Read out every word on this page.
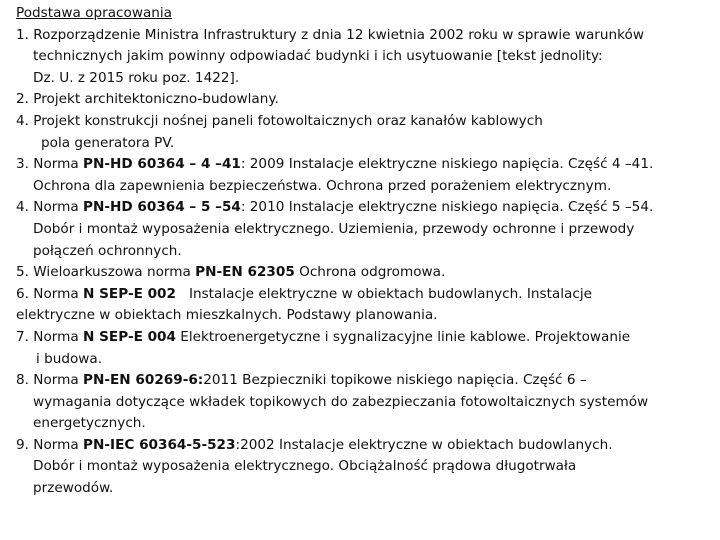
Podstawa opracowania
1. Rozporządzenie Ministra Infrastruktury z dnia 12 kwietnia 2002 roku w sprawie warunków
technicznych jakim powinny odpowiadać budynki i ich usytuowanie [tekst jednolity:
Dz. U. z 2015 roku poz. 1422].
2. Projekt architektoniczno-budowlany.
4. Projekt konstrukcji nośnej paneli fotowoltaicznych oraz kanałów kablowych
pola generatora PV.
3. Norma PN-HD 60364 – 4 –41: 2009 Instalacje elektryczne niskiego napięcia. Część 4 –41.
Ochrona dla zapewnienia bezpieczeństwa. Ochrona przed porażeniem elektrycznym.
4. Norma PN-HD 60364 – 5 –54: 2010 Instalacje elektryczne niskiego napięcia. Część 5 –54.
Dobór i montaż wyposażenia elektrycznego. Uziemienia, przewody ochronne i przewody
połączeń ochronnych.
5. Wieloarkuszowa norma PN-EN 62305 Ochrona odgromowa.
6. Norma N SEP-E 002   Instalacje elektryczne w obiektach budowlanych. Instalacje
elektryczne w obiektach mieszkalnych. Podstawy planowania.
7. Norma N SEP-E 004 Elektroenergetyczne i sygnalizacyjne linie kablowe. Projektowanie
i budowa.
8. Norma PN-EN 60269-6:2011 Bezpieczniki topikowe niskiego napięcia. Część 6 –
wymagania dotyczące wkładek topikowych do zabezpieczania fotowoltaicznych systemów
energetycznych.
9. Norma PN-IEC 60364-5-523:2002 Instalacje elektryczne w obiektach budowlanych.
Dobór i montaż wyposażenia elektrycznego. Obciążalność prądowa długotrwała
przewodów.
